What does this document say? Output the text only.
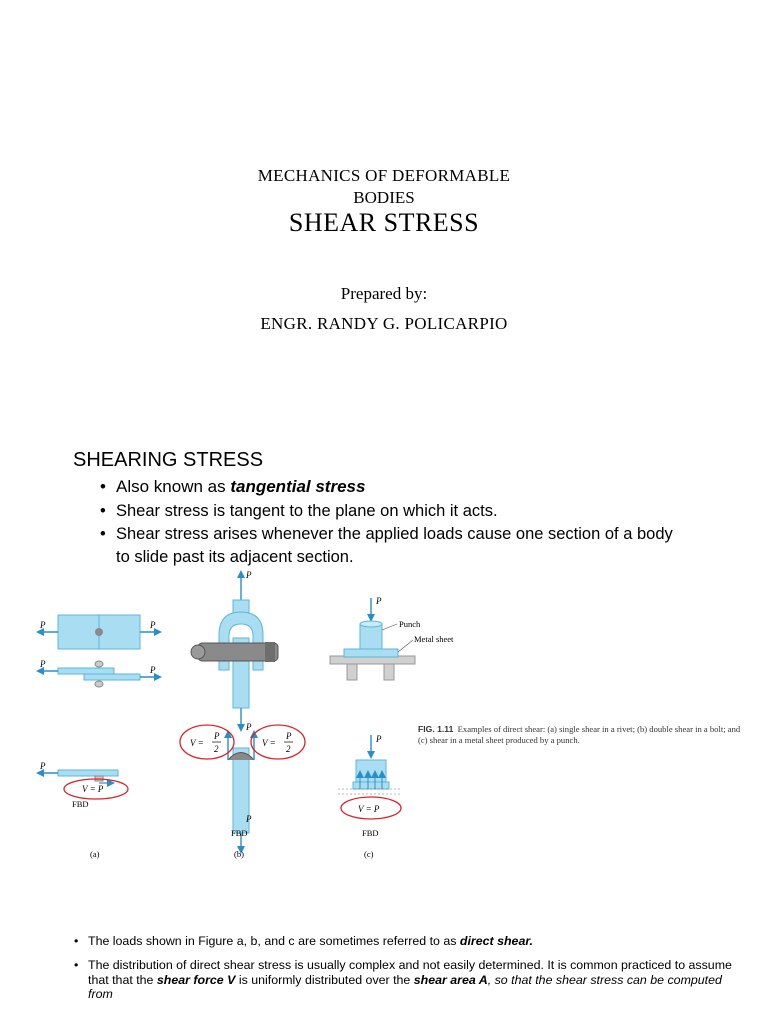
MECHANICS OF DEFORMABLE
BODIES
SHEAR STRESS
Prepared by:
ENGR. RANDY G. POLICARPIO
SHEARING STRESS
• Also known as tangential stress
• Shear stress is tangent to the plane on which it acts.
• Shear stress arises whenever the applied loads cause one section of a body to slide past its adjacent section.
P	P
P
P
P
V = P
FBD
(a)
P
P
P
V =
P
2
V =
P
2
FBD
(b)
P
Punch
Metal sheet
P
V = P
FBD
(c)
FIG. 1.11 Examples of direct shear: (a) single shear in a rivet; (b) double shear in a bolt; and (c) shear in a metal sheet produced by a punch.
• The loads shown in Figure a, b, and c are sometimes referred to as direct shear.
• The distribution of direct shear stress is usually complex and not easily determined. It is common practiced to assume that that the shear force V is uniformly distributed over the shear area A, so that the shear stress can be computed from
